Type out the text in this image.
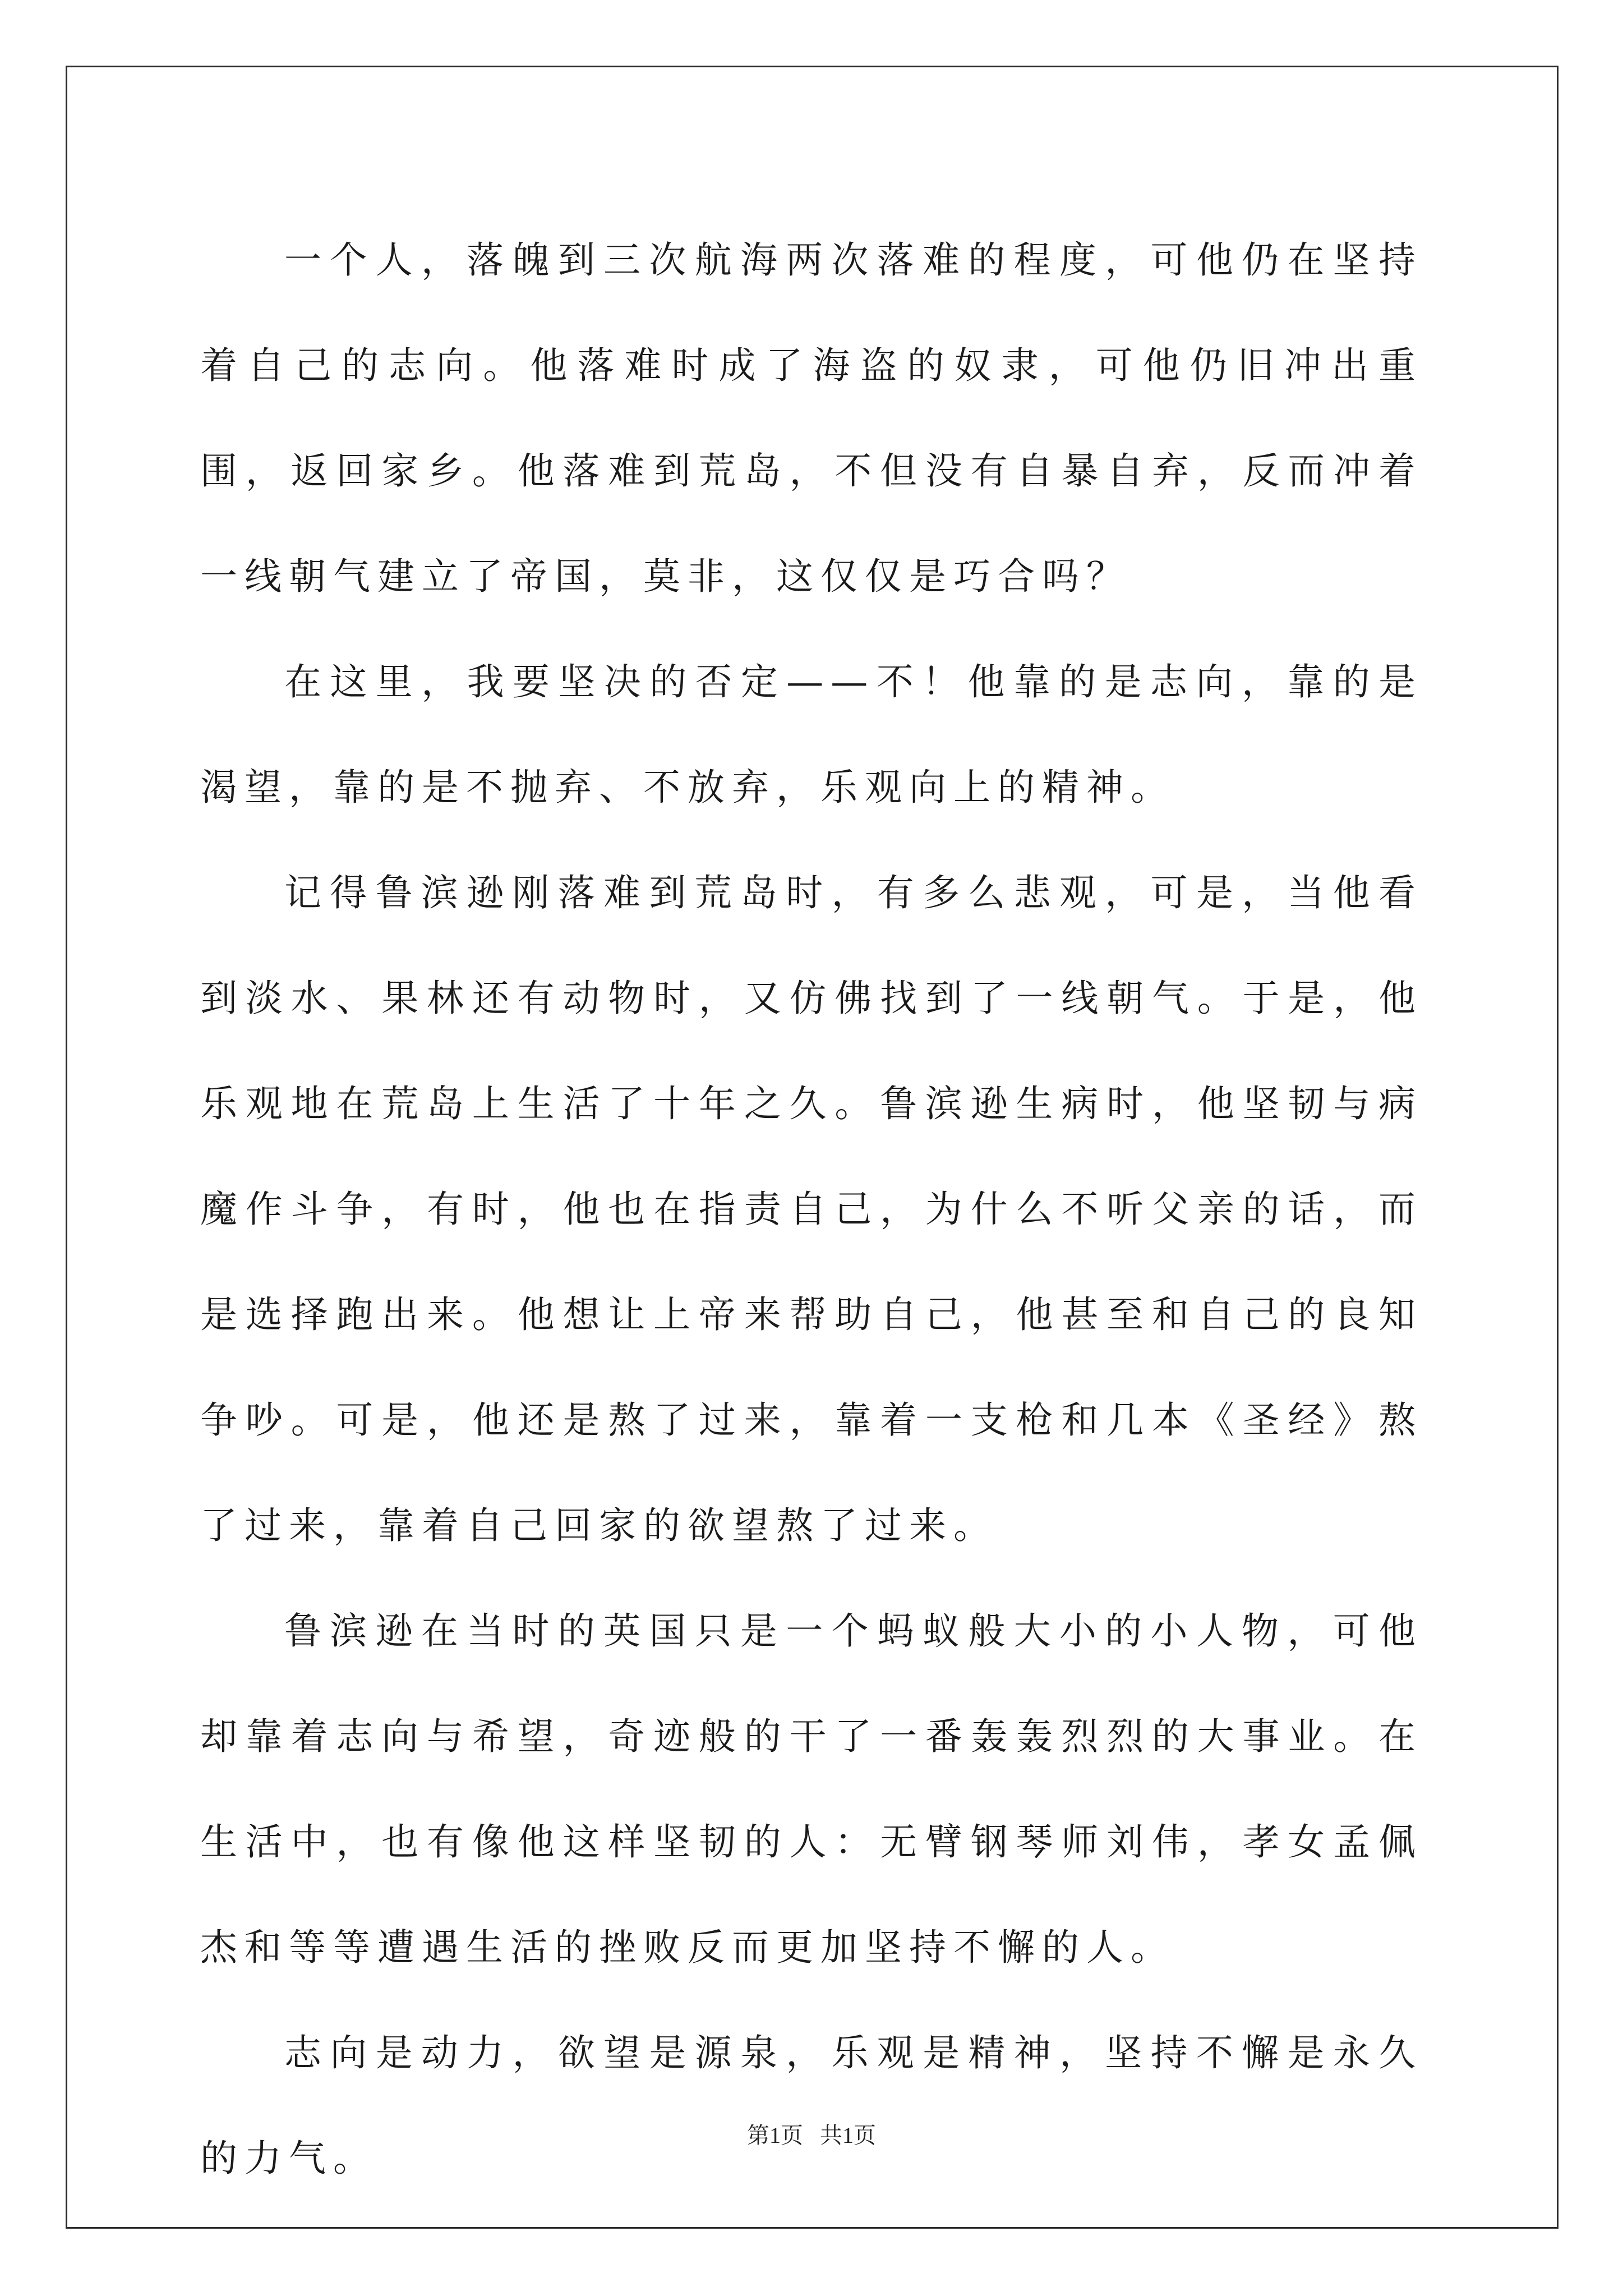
一个人，落魄到三次航海两次落难的程度，可他仍在坚持着自己的志向。他落难时成了海盗的奴隶，可他仍旧冲出重围，返回家乡。他落难到荒岛，不但没有自暴自弃，反而冲着一线朝气建立了帝国，莫非，这仅仅是巧合吗？

在这里，我要坚决的否定——不！他靠的是志向，靠的是渴望，靠的是不抛弃、不放弃，乐观向上的精神。

记得鲁滨逊刚落难到荒岛时，有多么悲观，可是，当他看到淡水、果林还有动物时，又仿佛找到了一线朝气。于是，他乐观地在荒岛上生活了十年之久。鲁滨逊生病时，他坚韧与病魔作斗争，有时，他也在指责自己，为什么不听父亲的话，而是选择跑出来。他想让上帝来帮助自己，他甚至和自己的良知争吵。可是，他还是熬了过来，靠着一支枪和几本《圣经》熬了过来，靠着自己回家的欲望熬了过来。

鲁滨逊在当时的英国只是一个蚂蚁般大小的小人物，可他却靠着志向与希望，奇迹般的干了一番轰轰烈烈的大事业。在生活中，也有像他这样坚韧的人：无臂钢琴师刘伟，孝女孟佩杰和等等遭遇生活的挫败反而更加坚持不懈的人。

志向是动力，欲望是源泉，乐观是精神，坚持不懈是永久的力气。

第1页   共1页
